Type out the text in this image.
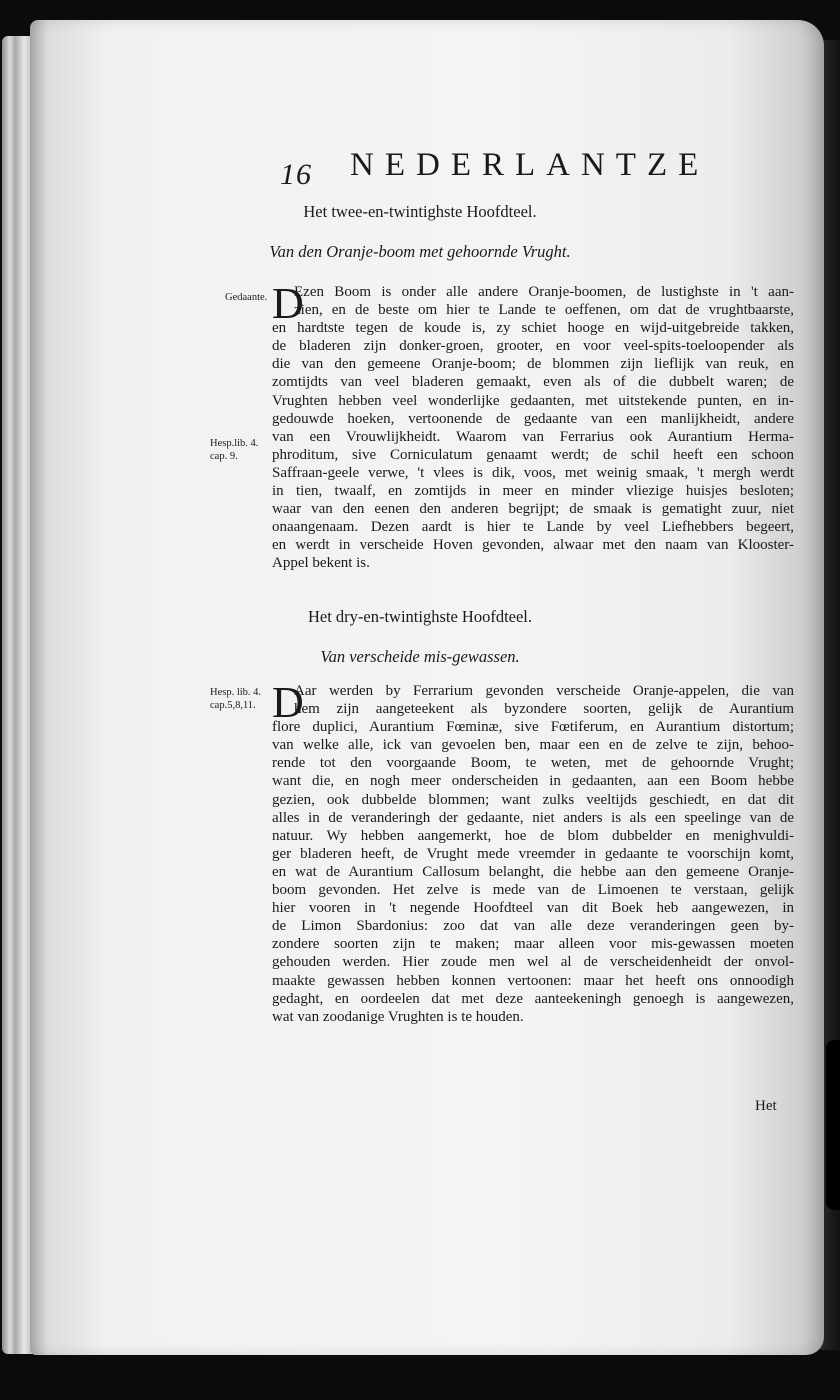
16 NEDERLANTZE
Het twee-en-twintighste Hoofdteel.
Van den Oranje-boom met gehoornde Vrught.
Gedaante.
Hesp.lib. 4.
cap. 9.
D
Ezen Boom is onder alle andere Oranje-boomen, de lustighste in 't aan-
zien, en de beste om hier te Lande te oeffenen, om dat de vrughtbaarste,
en hardtste tegen de koude is, zy schiet hooge en wijd-uitgebreide takken,
de bladeren zijn donker-groen, grooter, en voor veel-spits-toeloopender als
die van den gemeene Oranje-boom; de blommen zijn lieflijk van reuk, en
zomtijdts van veel bladeren gemaakt, even als of die dubbelt waren; de
Vrughten hebben veel wonderlijke gedaanten, met uitstekende punten, en in-
gedouwde hoeken, vertoonende de gedaante van een manlijkheidt, andere
van een Vrouwlijkheidt. Waarom van Ferrarius ook Aurantium Herma-
phroditum, sive Corniculatum genaamt werdt; de schil heeft een schoon
Saffraan-geele verwe, 't vlees is dik, voos, met weinig smaak, 't mergh werdt
in tien, twaalf, en zomtijds in meer en minder vliezige huisjes besloten;
waar van den eenen den anderen begrijpt; de smaak is gematight zuur, niet
onaangenaam. Dezen aardt is hier te Lande by veel Liefhebbers begeert,
en werdt in verscheide Hoven gevonden, alwaar met den naam van Klooster-
Appel bekent is.
Het dry-en-twintighste Hoofdteel.
Van verscheide mis-gewassen.
Hesp. lib. 4.
cap.5,8,11. D
Aar werden by Ferrarium gevonden verscheide Oranje-appelen, die van
hem zijn aangeteekent als byzondere soorten, gelijk de Aurantium
flore duplici, Aurantium Fœminæ, sive Fœtiferum, en Aurantium distortum;
van welke alle, ick van gevoelen ben, maar een en de zelve te zijn, behoo-
rende tot den voorgaande Boom, te weten, met de gehoornde Vrught;
want die, en nogh meer onderscheiden in gedaanten, aan een Boom hebbe
gezien, ook dubbelde blommen; want zulks veeltijds geschiedt, en dat dit
alles in de veranderingh der gedaante, niet anders is als een speelinge van de
natuur. Wy hebben aangemerkt, hoe de blom dubbelder en menighvuldi-
ger bladeren heeft, de Vrught mede vreemder in gedaante te voorschijn komt,
en wat de Aurantium Callosum belanght, die hebbe aan den gemeene Oranje-
boom gevonden. Het zelve is mede van de Limoenen te verstaan, gelijk
hier vooren in 't negende Hoofdteel van dit Boek heb aangewezen, in
de Limon Sbardonius: zoo dat van alle deze veranderingen geen by-
zondere soorten zijn te maken; maar alleen voor mis-gewassen moeten
gehouden werden. Hier zoude men wel al de verscheidenheidt der onvol-
maakte gewassen hebben konnen vertoonen: maar het heeft ons onnoodigh
gedaght, en oordeelen dat met deze aanteekeningh genoegh is aangewezen,
wat van zoodanige Vrughten is te houden.
Het
